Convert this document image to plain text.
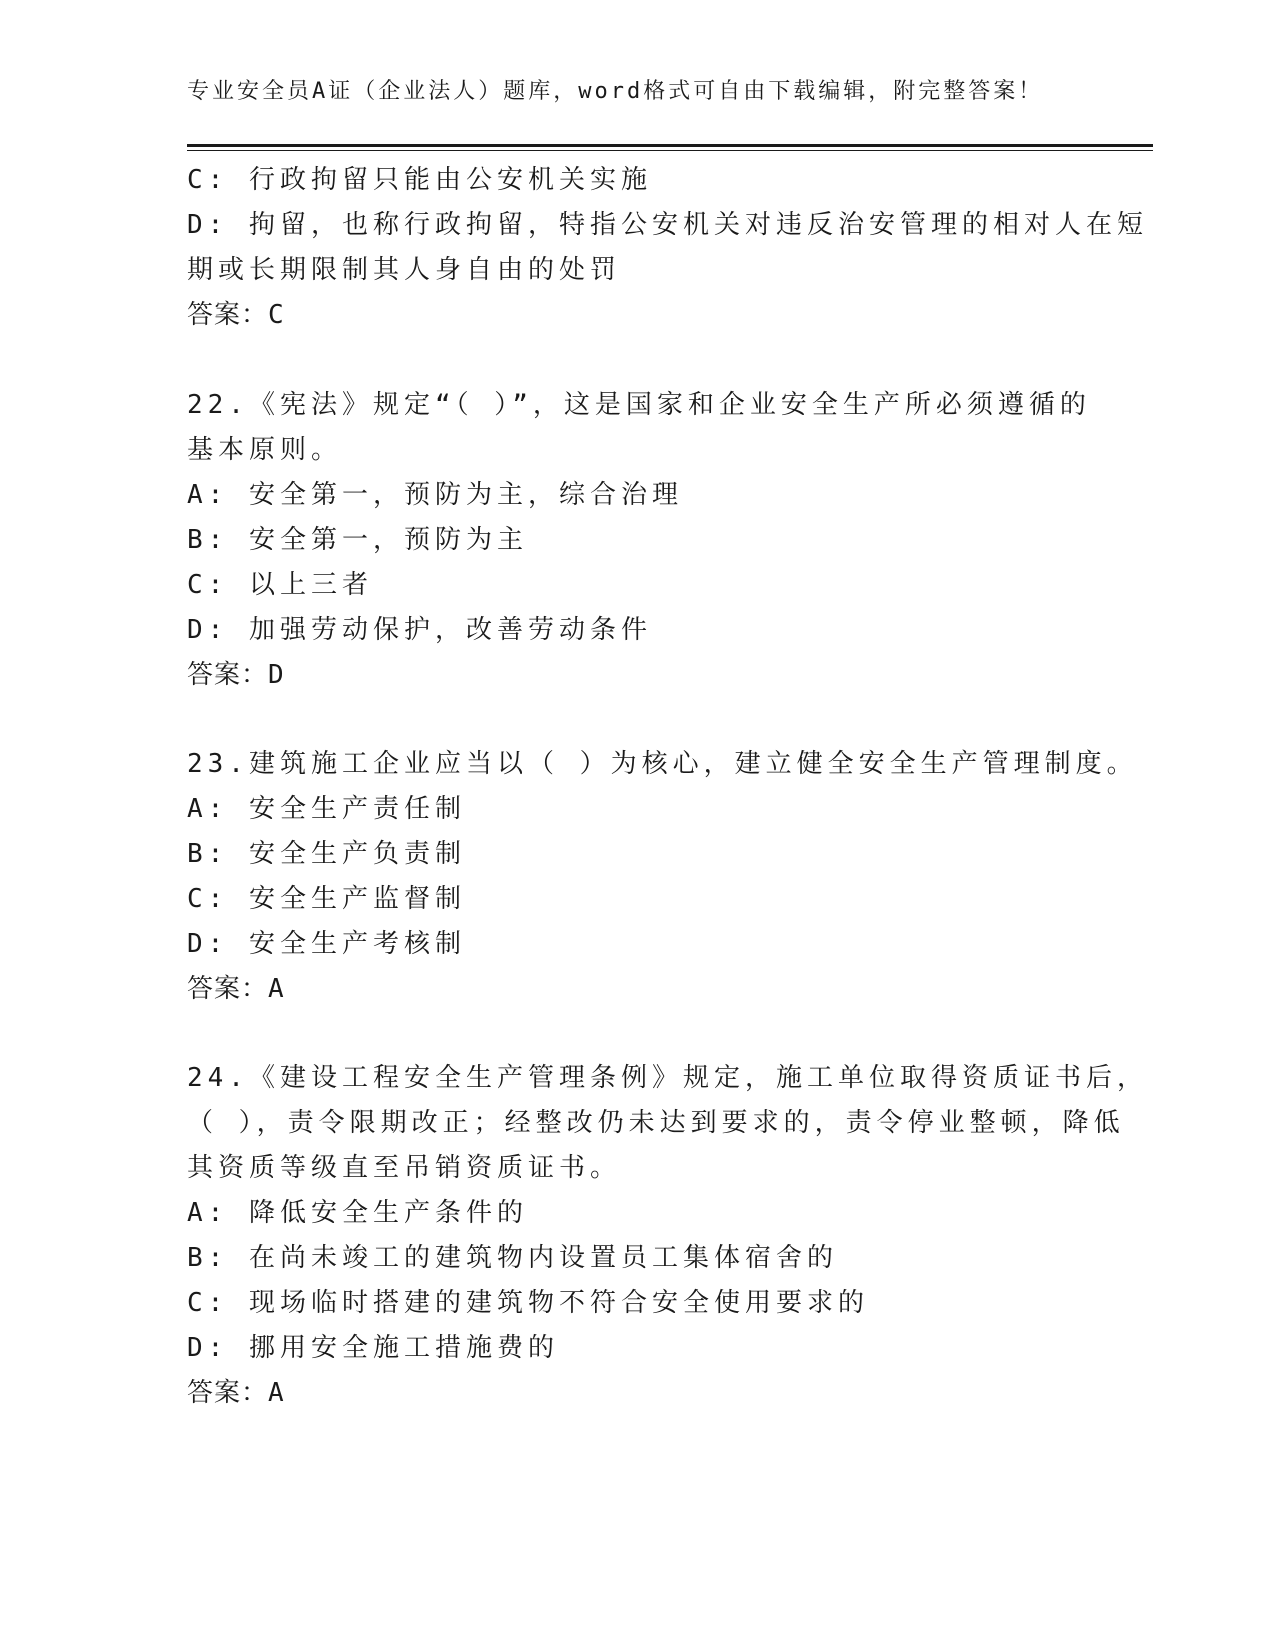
专业安全员A证（企业法人）题库，word格式可自由下载编辑，附完整答案！
C: 行政拘留只能由公安机关实施
D: 拘留，也称行政拘留，特指公安机关对违反治安管理的相对人在短
期或长期限制其人身自由的处罚
答案：C
22.《宪法》规定“（ ）”，这是国家和企业安全生产所必须遵循的
基本原则。
A: 安全第一，预防为主，综合治理
B: 安全第一，预防为主
C: 以上三者
D: 加强劳动保护，改善劳动条件
答案：D
23.建筑施工企业应当以（ ）为核心，建立健全安全生产管理制度。
A: 安全生产责任制
B: 安全生产负责制
C: 安全生产监督制
D: 安全生产考核制
答案：A
24.《建设工程安全生产管理条例》规定，施工单位取得资质证书后，
（ ），责令限期改正；经整改仍未达到要求的，责令停业整顿，降低
其资质等级直至吊销资质证书。
A: 降低安全生产条件的
B: 在尚未竣工的建筑物内设置员工集体宿舍的
C: 现场临时搭建的建筑物不符合安全使用要求的
D: 挪用安全施工措施费的
答案：A
